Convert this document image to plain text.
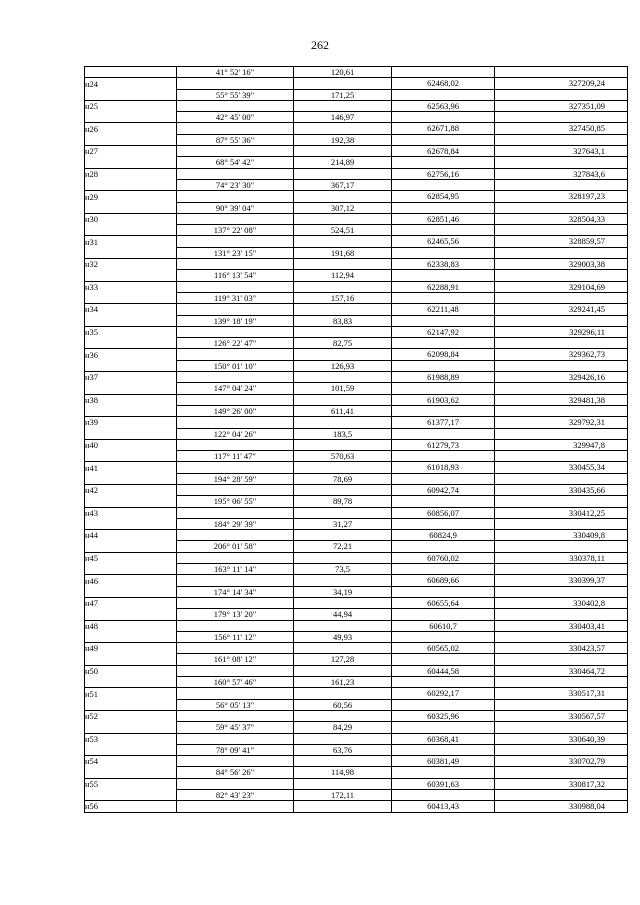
262
	41° 52' 16"	120,61		
н24			62468,02	327209,24
	55° 55' 39"	171,25		
н25			62563,96	327351,09
	42° 45' 00"	146,97		
н26			62671,88	327450,85
	87° 55' 36"	192,38		
н27			62678,84	327643,1
	68° 54' 42"	214,89		
н28			62756,16	327843,6
	74° 23' 30"	367,17		
н29			62854,95	328197,23
	90° 39' 04"	307,12		
н30			62851,46	328504,33
	137° 22' 08"	524,51		
н31			62465,56	328859,57
	131° 23' 15"	191,68		
н32			62338,83	329003,38
	116° 13' 54"	112,94		
н33			62288,91	329104,69
	119° 31' 03"	157,16		
н34			62211,48	329241,45
	139° 18' 19"	83,83		
н35			62147,92	329296,11
	126° 22' 47"	82,75		
н36			62098,84	329362,73
	150° 01' 10"	126,93		
н37			61988,89	329426,16
	147° 04' 24"	101,59		
н38			61903,62	329481,38
	149° 26' 00"	611,41		
н39			61377,17	329792,31
	122° 04' 26"	183,5		
н40			61279,73	329947,8
	117° 11' 47"	570,63		
н41			61018,93	330455,34
	194° 28' 59"	78,69		
н42			60942,74	330435,66
	195° 06' 55"	89,78		
н43			60856,07	330412,25
	184° 29' 39"	31,27		
н44			60824,9	330409,8
	206° 01' 58"	72,21		
н45			60760,02	330378,11
	163° 11' 14"	73,5		
н46			60689,66	330399,37
	174° 14' 34"	34,19		
н47			60655,64	330402,8
	179° 13' 20"	44,94		
н48			60610,7	330403,41
	156° 11' 12"	49,93		
н49			60565,02	330423,57
	161° 08' 12"	127,28		
н50			60444,58	330464,72
	160° 57' 46"	161,23		
н51			60292,17	330517,31
	56° 05' 13"	60,56		
н52			60325,96	330567,57
	59° 45' 37"	84,29		
н53			60368,41	330640,39
	78° 09' 41"	63,76		
н54			60381,49	330702,79
	84° 56' 26"	114,98		
н55			60391,63	330817,32
	82° 43' 23"	172,11		
н56			60413,43	330988,04
